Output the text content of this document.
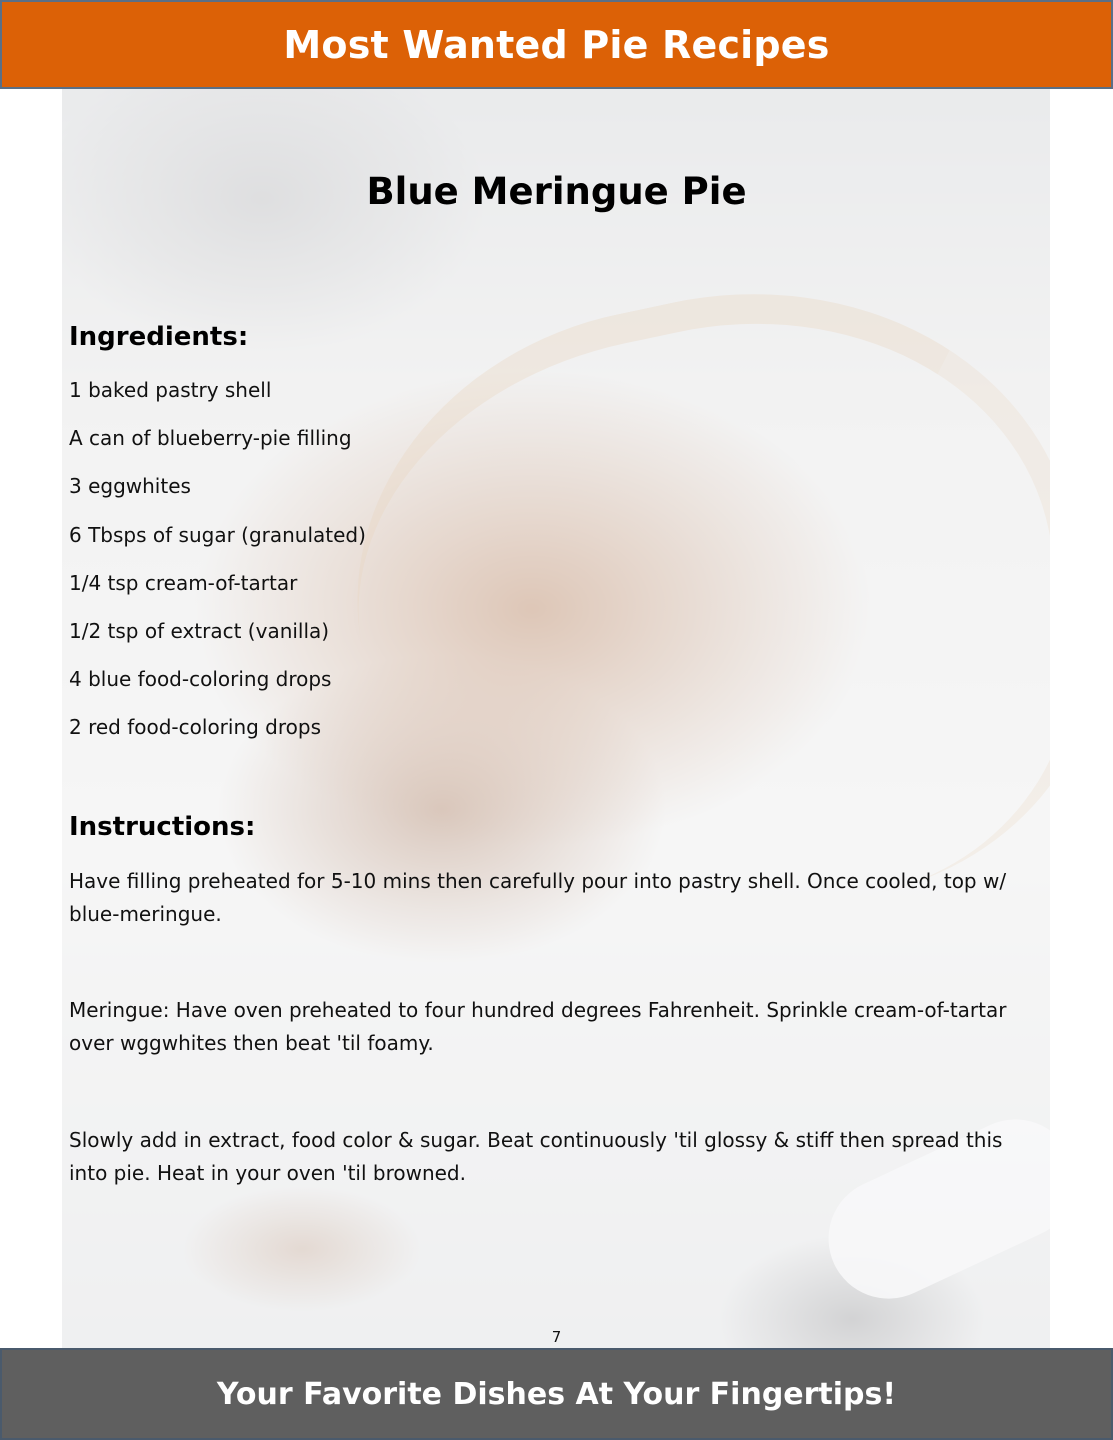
Most Wanted Pie Recipes
Blue Meringue Pie
Ingredients:
1 baked pastry shell
A can of blueberry-pie filling
3 eggwhites
6 Tbsps of sugar (granulated)
1/4 tsp cream-of-tartar
1/2 tsp of extract (vanilla)
4 blue food-coloring drops
2 red food-coloring drops
Instructions:

Have filling preheated for 5-10 mins then carefully pour into pastry shell. Once cooled, top w/ blue-meringue.

Meringue: Have oven preheated to four hundred degrees Fahrenheit. Sprinkle cream-of-tartar over wggwhites then beat 'til foamy.

Slowly add in extract, food color & sugar. Beat continuously 'til glossy & stiff then spread this into pie. Heat in your oven 'til browned.

7

Your Favorite Dishes At Your Fingertips!
